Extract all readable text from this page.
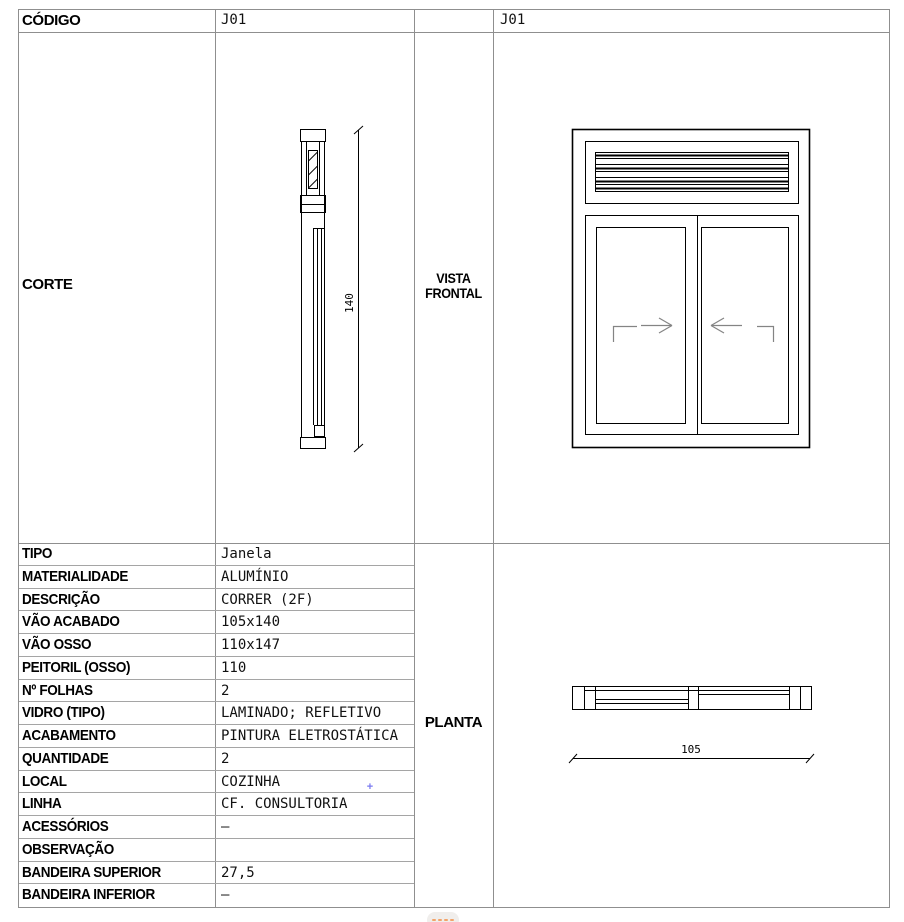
CÓDIGO	J01	J01
CORTE	VISTA
FRONTAL
PLANTA
TIPO	Janela
MATERIALIDADE	ALUMÍNIO
DESCRIÇÃO	CORRER (2F)
VÃO ACABADO	105x140
VÃO OSSO	110x147
PEITORIL (OSSO)	110
Nº FOLHAS	2
VIDRO (TIPO)	LAMINADO; REFLETIVO
ACABAMENTO	PINTURA ELETROSTÁTICA
QUANTIDADE	2
LOCAL	COZINHA
LINHA	CF. CONSULTORIA
ACESSÓRIOS	–
OBSERVAÇÃO
BANDEIRA SUPERIOR	27,5
BANDEIRA INFERIOR	–
140
105
+
